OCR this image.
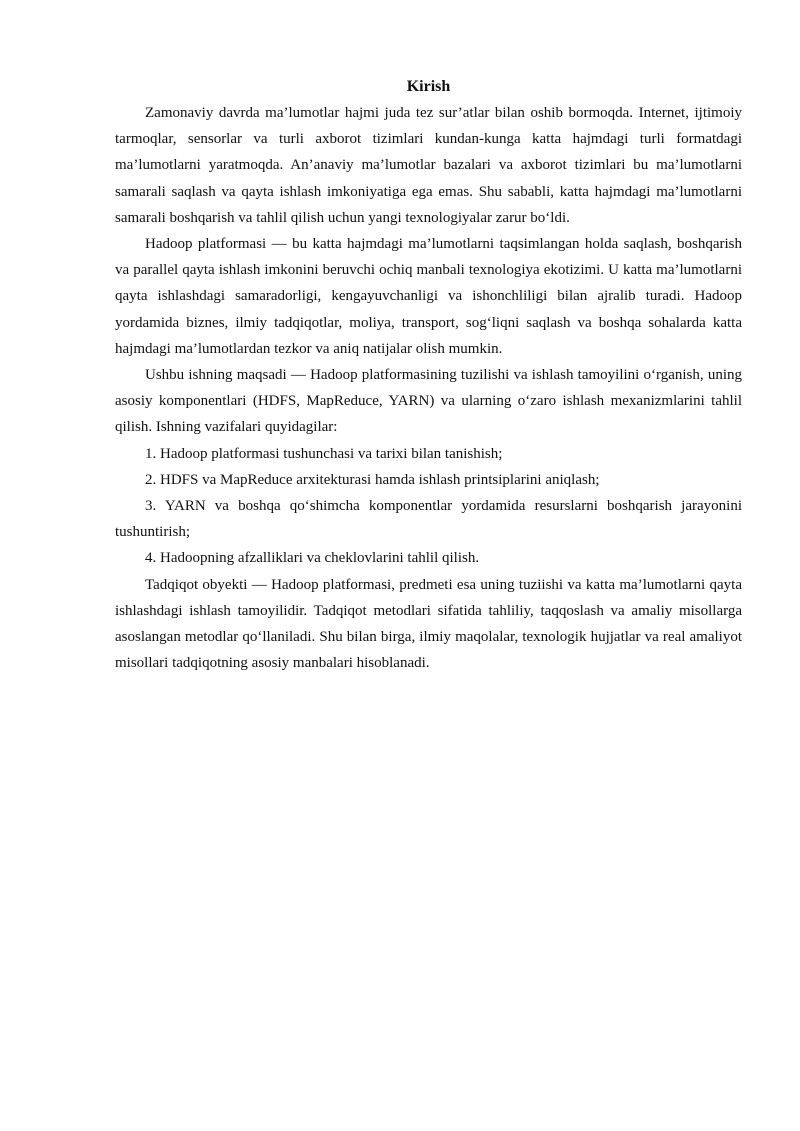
Kirish

Zamonaviy davrda ma’lumotlar hajmi juda tez sur’atlar bilan oshib bormoqda. Internet, ijtimoiy tarmoqlar, sensorlar va turli axborot tizimlari kundan-kunga katta hajmdagi turli formatdagi ma’lumotlarni yaratmoqda. An’anaviy ma’lumotlar bazalari va axborot tizimlari bu ma’lumotlarni samarali saqlash va qayta ishlash imkoniyatiga ega emas. Shu sababli, katta hajmdagi ma’lumotlarni samarali boshqarish va tahlil qilish uchun yangi texnologiyalar zarur bo‘ldi.

Hadoop platformasi — bu katta hajmdagi ma’lumotlarni taqsimlangan holda saqlash, boshqarish va parallel qayta ishlash imkonini beruvchi ochiq manbali texnologiya ekotizimi. U katta ma’lumotlarni qayta ishlashdagi samaradorligi, kengayuvchanligi va ishonchliligi bilan ajralib turadi. Hadoop yordamida biznes, ilmiy tadqiqotlar, moliya, transport, sog‘liqni saqlash va boshqa sohalarda katta hajmdagi ma’lumotlardan tezkor va aniq natijalar olish mumkin.

Ushbu ishning maqsadi — Hadoop platformasining tuzilishi va ishlash tamoyilini o‘rganish, uning asosiy komponentlari (HDFS, MapReduce, YARN) va ularning o‘zaro ishlash mexanizmlarini tahlil qilish. Ishning vazifalari quyidagilar:

1. Hadoop platformasi tushunchasi va tarixi bilan tanishish;

2. HDFS va MapReduce arxitekturasi hamda ishlash printsiplarini aniqlash;

3. YARN va boshqa qo‘shimcha komponentlar yordamida resurslarni boshqarish jarayonini tushuntirish;

4. Hadoopning afzalliklari va cheklovlarini tahlil qilish.

Tadqiqot obyekti — Hadoop platformasi, predmeti esa uning tuziishi va katta ma’lumotlarni qayta ishlashdagi ishlash tamoyilidir. Tadqiqot metodlari sifatida tahliliy, taqqoslash va amaliy misollarga asoslangan metodlar qo‘llaniladi. Shu bilan birga, ilmiy maqolalar, texnologik hujjatlar va real amaliyot misollari tadqiqotning asosiy manbalari hisoblanadi.
